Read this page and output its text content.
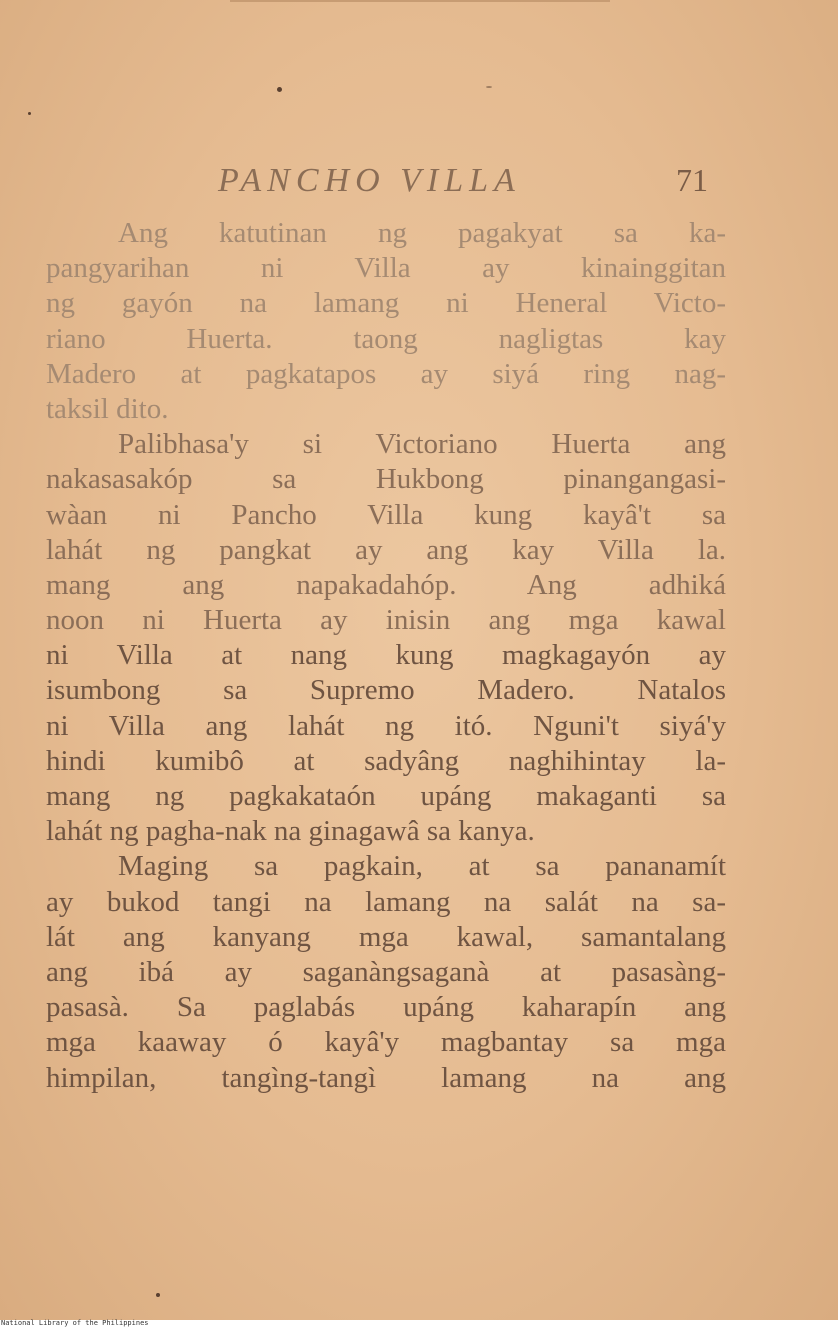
PANCHO VILLA	71
Ang katutinan ng pagakyat sa ka-
pangyarihan ni Villa ay kinainggitan
ng gayón na lamang ni Heneral Victo-
riano Huerta. taong nagligtas kay
Madero at pagkatapos ay siyá ring nag-
taksil dito.
Palibhasa'y si Victoriano Huerta ang
nakasasakóp sa Hukbong pinangangasi-
wàan ni Pancho Villa kung kayâ't sa
lahát ng pangkat ay ang kay Villa la.
mang ang napakadahóp. Ang adhiká
noon ni Huerta ay inisin ang mga kawal
ni Villa at nang kung magkagayón ay
isumbong sa Supremo Madero. Natalos
ni Villa ang lahát ng itó. Nguni't siyá'y
hindi kumibô at sadyâng naghihintay la-
mang ng pagkakataón upáng makaganti sa
lahát ng pagha-nak na ginagawâ sa kanya.
Maging sa pagkain, at sa pananamít
ay bukod tangi na lamang na salát na sa-
lát ang kanyang mga kawal, samantalang
ang ibá ay saganàngsaganà at pasasàng-
pasasà. Sa paglabás upáng kaharapín ang
mga kaaway ó kayâ'y magbantay sa mga
himpilan, tangìng-tangì lamang na ang
National Library of the Philippines
